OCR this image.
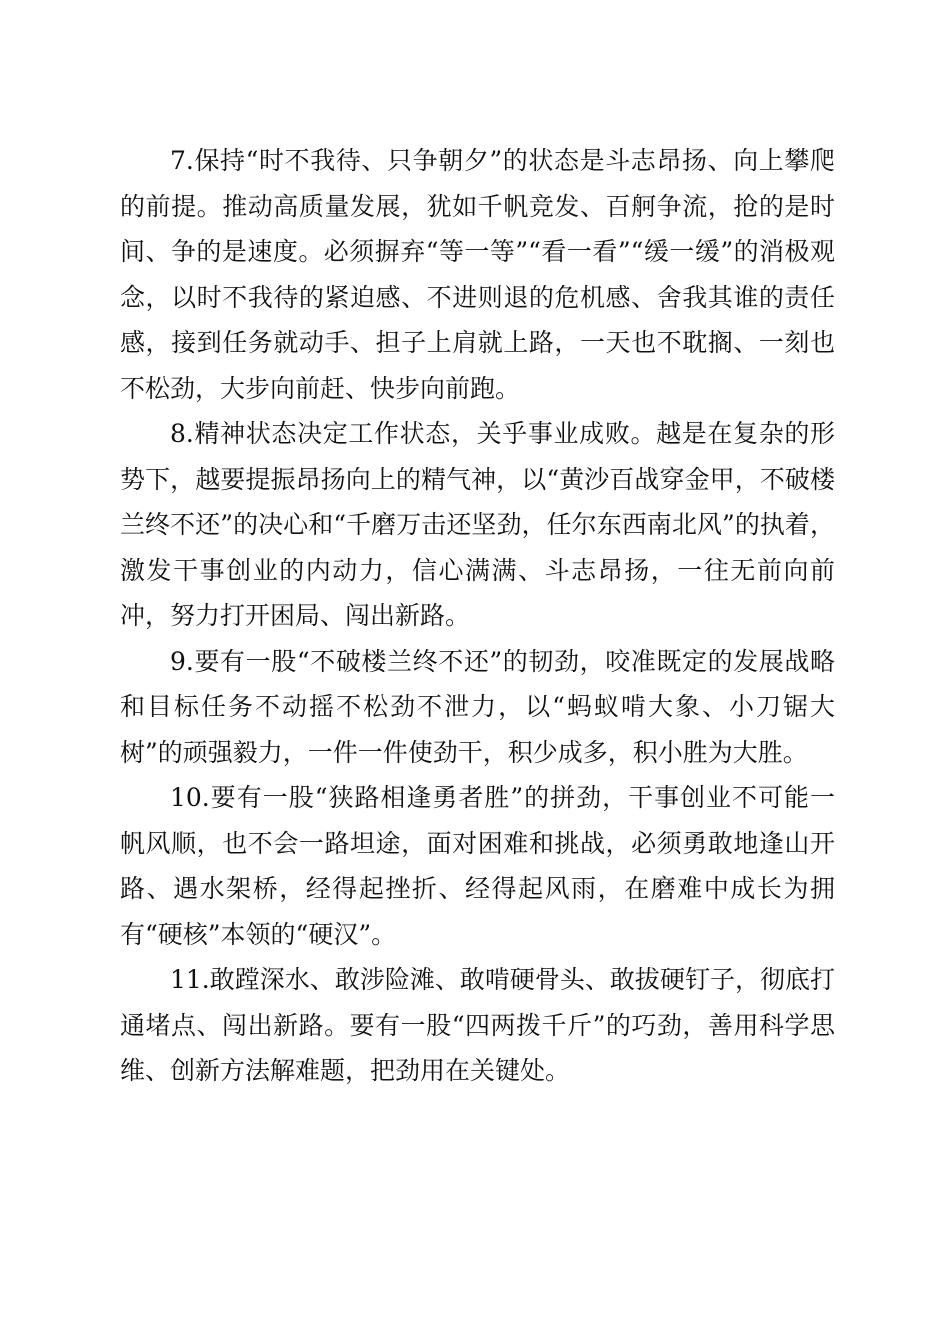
7.保持“时不我待、只争朝夕”的状态是斗志昂扬、向上攀爬的前提。推动高质量发展，犹如千帆竞发、百舸争流，抢的是时间、争的是速度。必须摒弃“等一等”“看一看”“缓一缓”的消极观念，以时不我待的紧迫感、不进则退的危机感、舍我其谁的责任感，接到任务就动手、担子上肩就上路，一天也不耽搁、一刻也不松劲，大步向前赶、快步向前跑。

8.精神状态决定工作状态，关乎事业成败。越是在复杂的形势下，越要提振昂扬向上的精气神，以“黄沙百战穿金甲，不破楼兰终不还”的决心和“千磨万击还坚劲，任尔东西南北风”的执着，激发干事创业的内动力，信心满满、斗志昂扬，一往无前向前冲，努力打开困局、闯出新路。

9.要有一股“不破楼兰终不还”的韧劲，咬准既定的发展战略和目标任务不动摇不松劲不泄力，以“蚂蚁啃大象、小刀锯大树”的顽强毅力，一件一件使劲干，积少成多，积小胜为大胜。

10.要有一股“狭路相逢勇者胜”的拼劲，干事创业不可能一帆风顺，也不会一路坦途，面对困难和挑战，必须勇敢地逢山开路、遇水架桥，经得起挫折、经得起风雨，在磨难中成长为拥有“硬核”本领的“硬汉”。

11.敢蹚深水、敢涉险滩、敢啃硬骨头、敢拔硬钉子，彻底打通堵点、闯出新路。要有一股“四两拨千斤”的巧劲，善用科学思维、创新方法解难题，把劲用在关键处。
